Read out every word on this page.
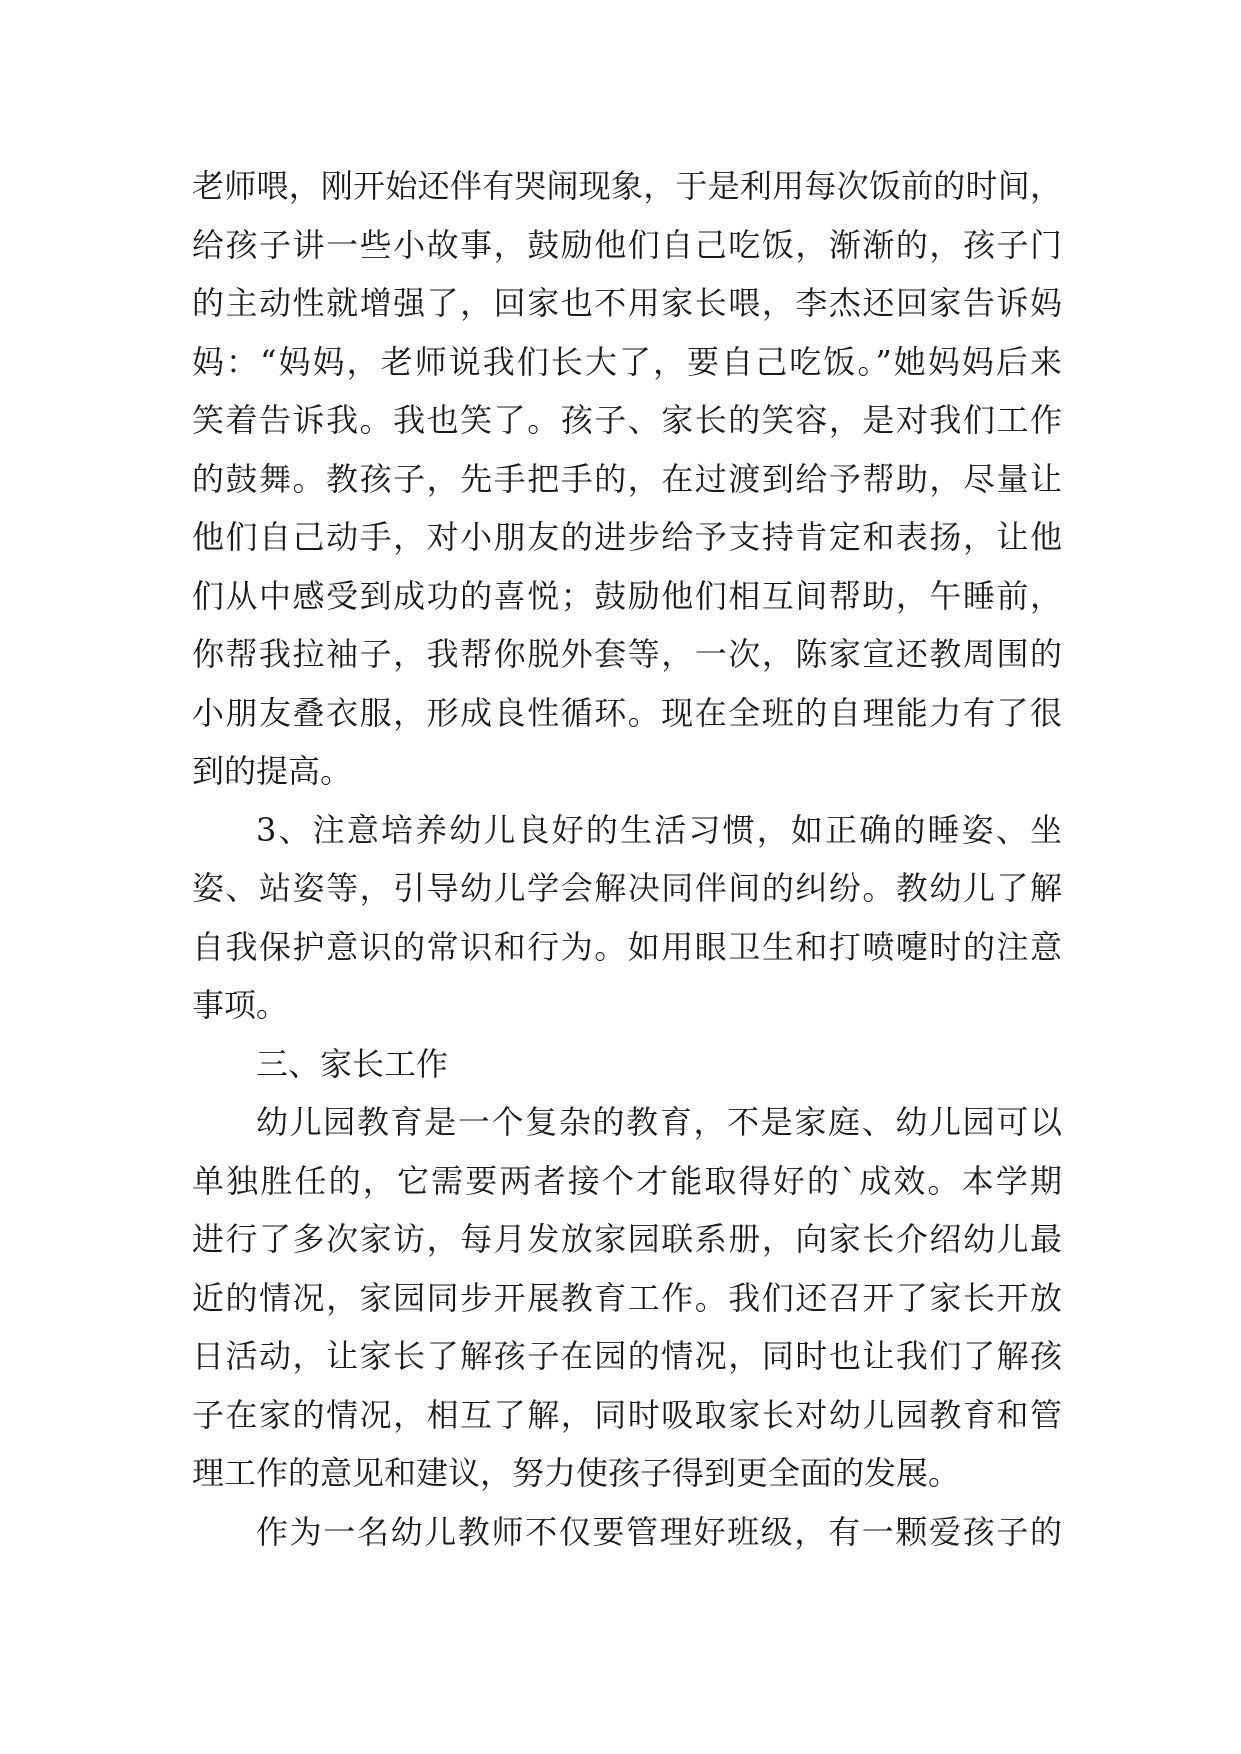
老师喂，刚开始还伴有哭闹现象，于是利用每次饭前的时间，
给孩子讲一些小故事，鼓励他们自己吃饭，渐渐的，孩子门
的主动性就增强了，回家也不用家长喂，李杰还回家告诉妈
妈：“妈妈，老师说我们长大了，要自己吃饭。”她妈妈后来
笑着告诉我。我也笑了。孩子、家长的笑容，是对我们工作
的鼓舞。教孩子，先手把手的，在过渡到给予帮助，尽量让
他们自己动手，对小朋友的进步给予支持肯定和表扬，让他
们从中感受到成功的喜悦；鼓励他们相互间帮助，午睡前，
你帮我拉袖子，我帮你脱外套等，一次，陈家宣还教周围的
小朋友叠衣服，形成良性循环。现在全班的自理能力有了很
到的提高。
3、注意培养幼儿良好的生活习惯，如正确的睡姿、坐
姿、站姿等，引导幼儿学会解决同伴间的纠纷。教幼儿了解
自我保护意识的常识和行为。如用眼卫生和打喷嚏时的注意
事项。
三、家长工作
幼儿园教育是一个复杂的教育，不是家庭、幼儿园可以
单独胜任的，它需要两者接个才能取得好的`成效。本学期
进行了多次家访，每月发放家园联系册，向家长介绍幼儿最
近的情况，家园同步开展教育工作。我们还召开了家长开放
日活动，让家长了解孩子在园的情况，同时也让我们了解孩
子在家的情况，相互了解，同时吸取家长对幼儿园教育和管
理工作的意见和建议，努力使孩子得到更全面的发展。
作为一名幼儿教师不仅要管理好班级，有一颗爱孩子的
